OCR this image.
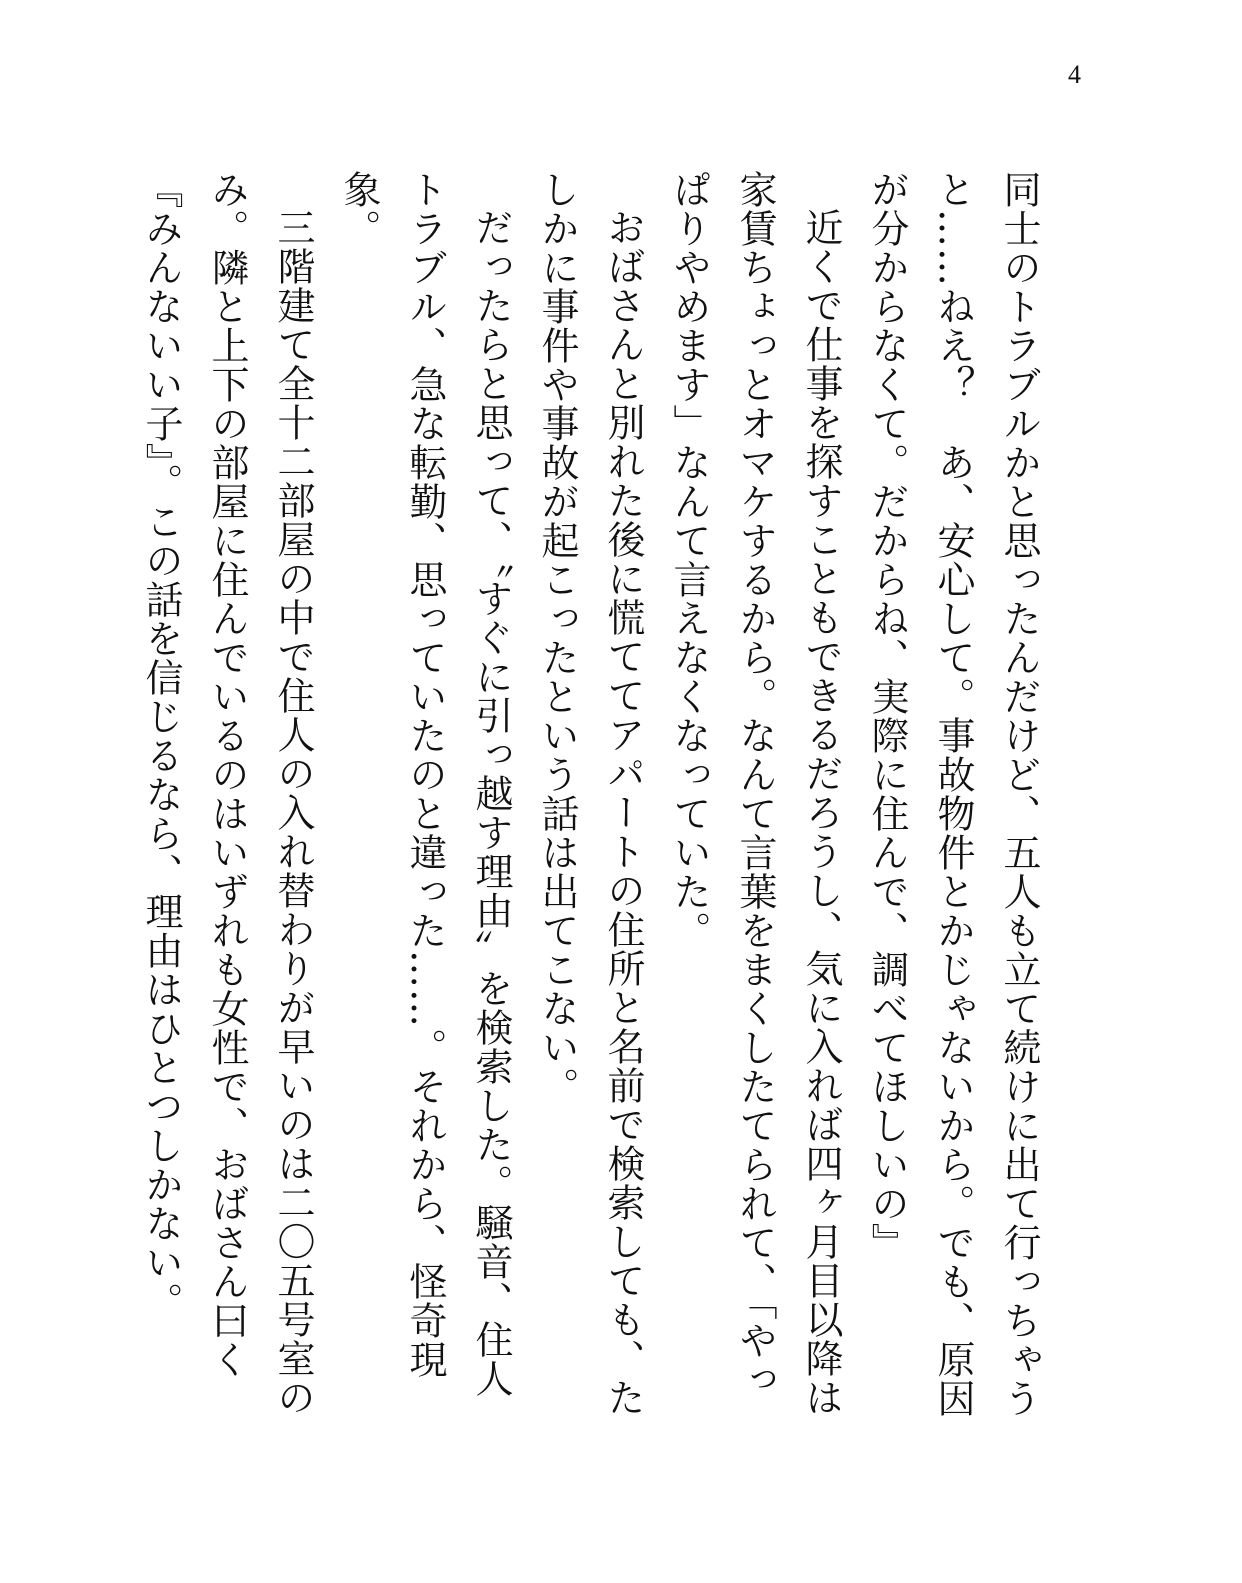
4

同士のトラブルかと思ったんだけど、五人も立て続けに出て行っちゃうと……ねえ？　あ、安心して。事故物件とかじゃないから。でも、原因が分からなくて。だからね、実際に住んで、調べてほしいの』

近くで仕事を探すこともできるだろうし、気に入れば四ヶ月目以降は家賃ちょっとオマケするから。なんて言葉をまくしたてられて、「やっぱりやめます」なんて言えなくなっていた。

おばさんと別れた後に慌ててアパートの住所と名前で検索しても、たしかに事件や事故が起こったという話は出てこない。

だったらと思って、〝すぐに引っ越す理由〟を検索した。騒音、住人トラブル、急な転勤、思っていたのと違った……。それから、怪奇現象。

三階建て全十二部屋の中で住人の入れ替わりが早いのは二〇五号室のみ。隣と上下の部屋に住んでいるのはいずれも女性で、おばさん曰く『みんないい子』。この話を信じるなら、理由はひとつしかない。
